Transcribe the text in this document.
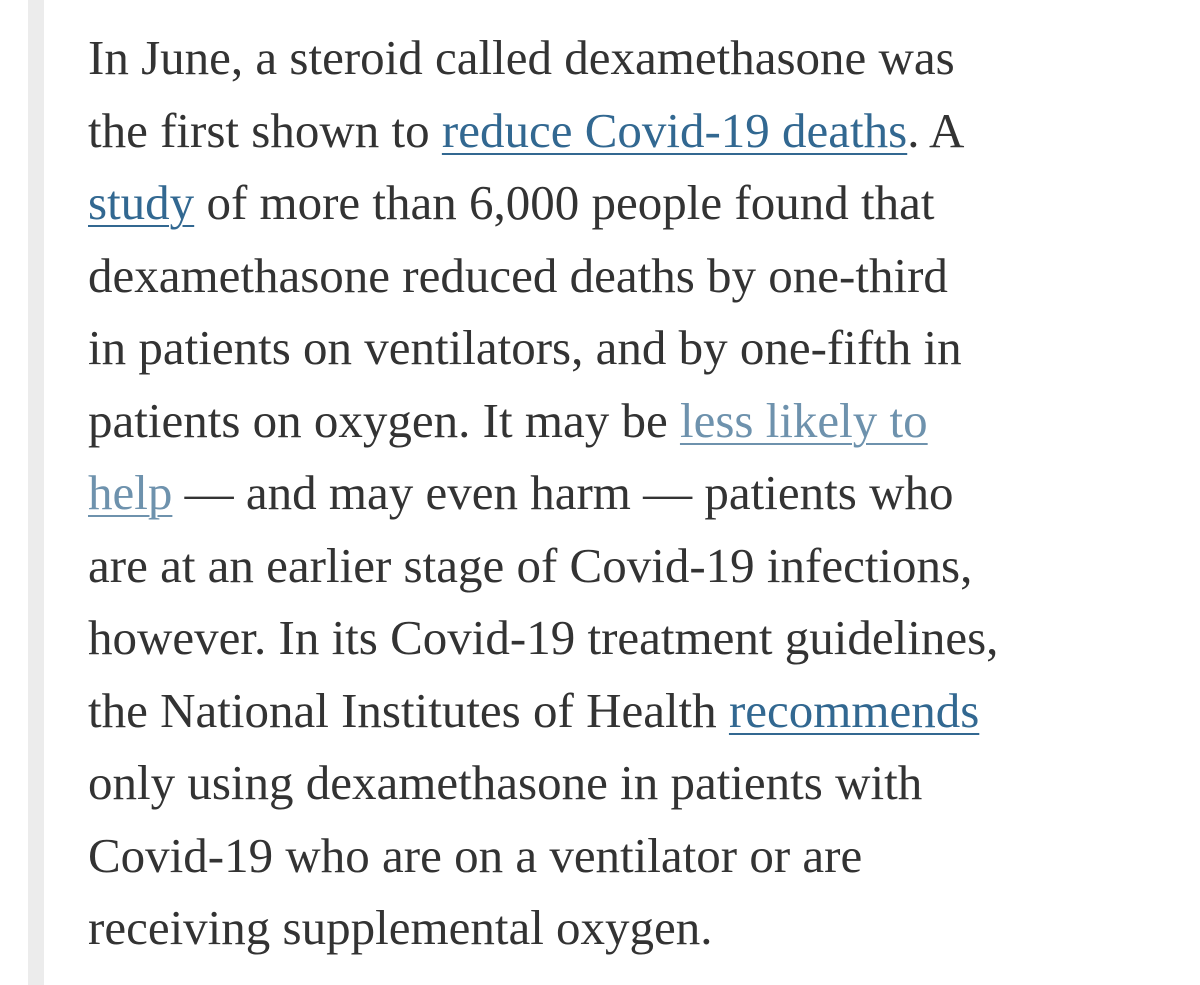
In June, a steroid called dexamethasone was
the first shown to reduce Covid-19 deaths. A
study of more than 6,000 people found that
dexamethasone reduced deaths by one-third
in patients on ventilators, and by one-fifth in
patients on oxygen. It may be less likely to
help — and may even harm — patients who
are at an earlier stage of Covid-19 infections,
however. In its Covid-19 treatment guidelines,
the National Institutes of Health recommends
only using dexamethasone in patients with
Covid-19 who are on a ventilator or are
receiving supplemental oxygen.
